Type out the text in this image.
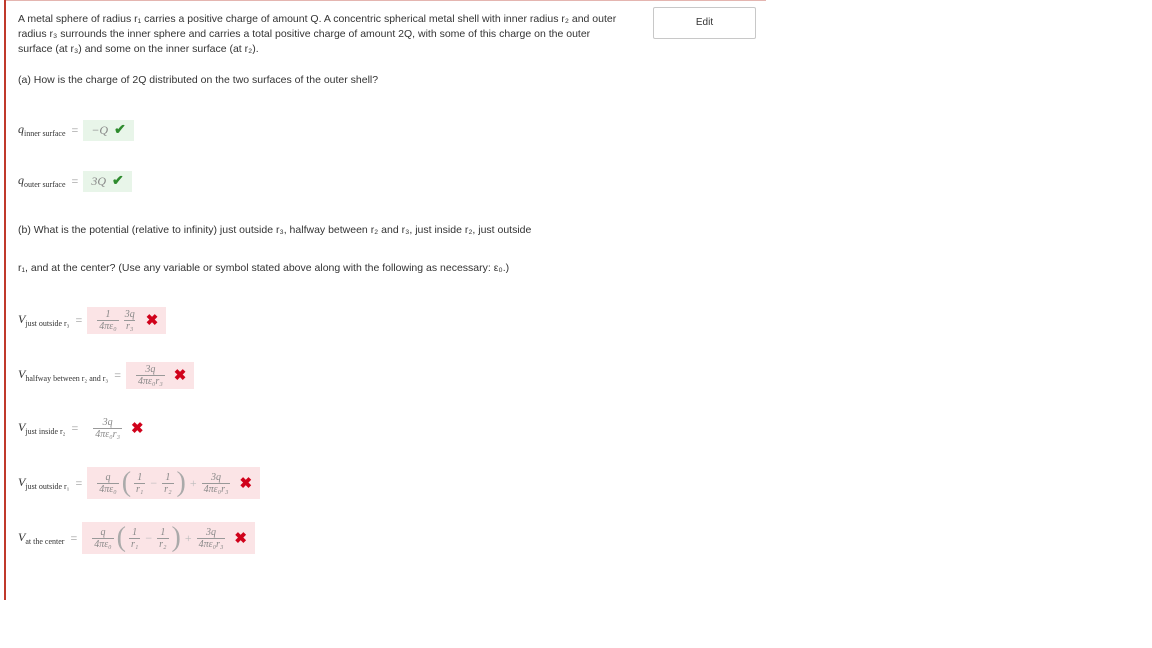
A metal sphere of radius r₁ carries a positive charge of amount Q. A concentric spherical metal shell with inner radius r₂ and outer radius r₃ surrounds the inner sphere and carries a total positive charge of amount 2Q, with some of this charge on the outer surface (at r₃) and some on the inner surface (at r₂).
Edit
(a) How is the charge of 2Q distributed on the two surfaces of the outer shell?
$q_{inner surface} = -Q$ ✔
$q_{outer surface} = 3Q$ ✔
(b) What is the potential (relative to infinity) just outside r₃, halfway between r₂ and r₃, just inside r₂, just outside
r₁, and at the center? (Use any variable or symbol stated above along with the following as necessary: ε₀.)
$V_{just outside r_3} = \frac{1}{\text{4πε₀}} \frac{3q}{\text{r₃}}$ ✖
$V_{halfway between r_2 and r_3} = \frac{3q}{\text{4πε₀r₃}}$ ✖
$V_{just inside r_2} = \frac{3q}{\text{4πε₀r₃}}$ ✖
$V_{just outside r_1} = \frac{q}{\text{4πε₀}}$ ( $\frac{1}{\text{r₁}} - \frac{1}{\text{r₂}}$ ) + $\frac{3q}{\text{4πε₀r₃}}$ ✖
$V_{at the center} = \frac{q}{\text{4πε₀}}$ ( $\frac{1}{\text{r₁}} - \frac{1}{\text{r₂}}$ ) + $\frac{3q}{\text{4πε₀r₃}}$ ✖
